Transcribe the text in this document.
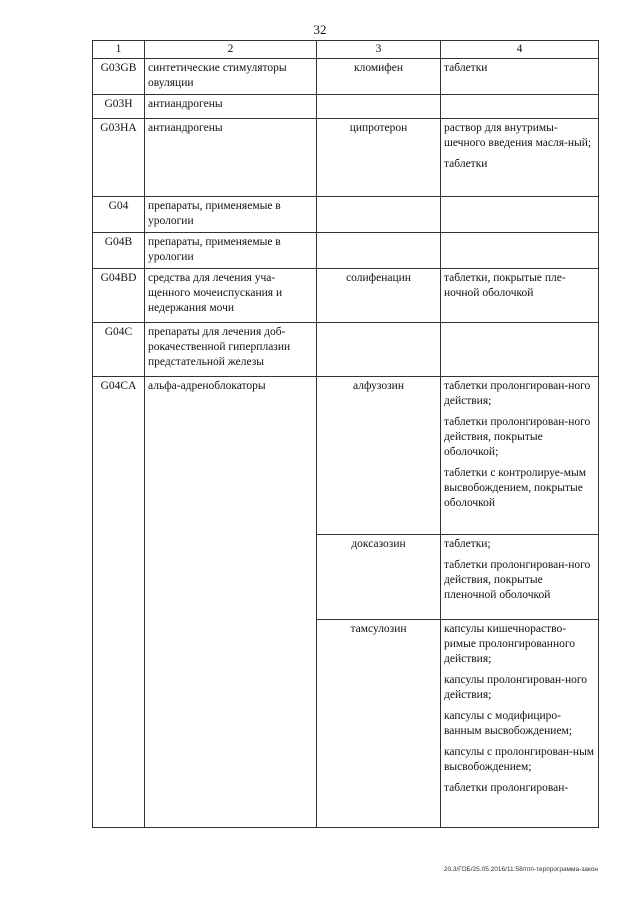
32
1	2	3	4
G03GB	синтетические стимуляторы овуляции	кломифен	таблетки

G03H	антиандрогены		
G03HA	антиандрогены	ципротерон	раствор для внутримы-шечного введения масля-ный;
таблетки

G04	препараты, применяемые в урологии		
G04B	препараты, применяемые в урологии		
G04BD	средства для лечения уча-щенного мочеиспускания и недержания мочи	солифенацин	таблетки, покрытые пле-ночной оболочкой

G04C	препараты для лечения доб-рокачественной гиперплазии предстательной железы		
G04CA	альфа-адреноблокаторы	алфузозин	таблетки пролонгирован-ного действия;
таблетки пролонгирован-ного действия, покрытые оболочкой;
таблетки с контролируе-мым высвобождением, покрытые оболочкой

		доксазозин	таблетки;
таблетки пролонгирован-ного действия, покрытые пленочной оболочкой

		тамсулозин	капсулы кишечнораство-римые пролонгированного действия;
капсулы пролонгирован-ного действия;
капсулы с модифициро-ванным высвобождением;
капсулы с пролонгирован-ным высвобождением;
таблетки пролонгирован-
20.3/ГОБ/25.05.2016/11:58/гпп-терпрограмма-закон
